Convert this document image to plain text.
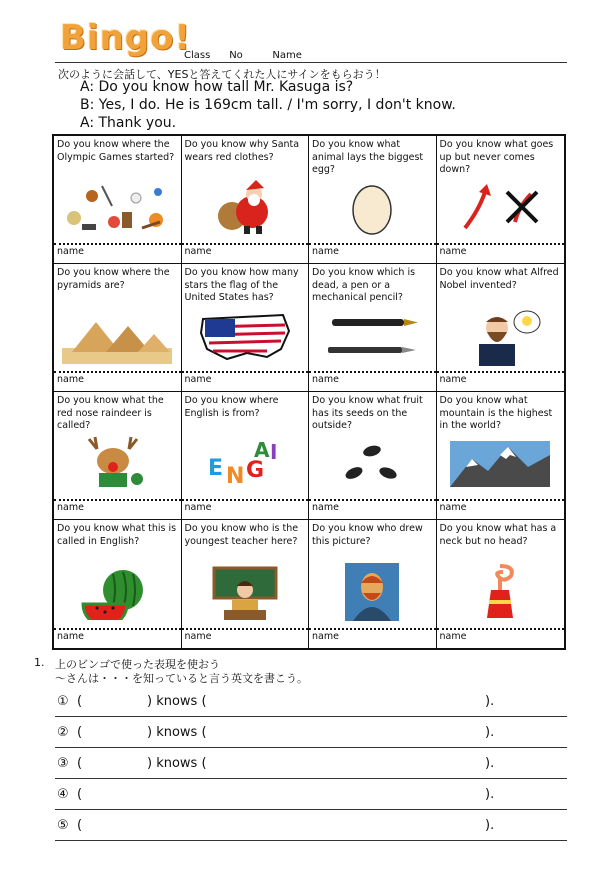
Bingo!
Class No	Name
次のように会話して、YESと答えてくれた人にサインをもらおう！
A: Do you know how tall Mr. Kasuga is?
B: Yes, I do. He is 169cm tall. / I'm sorry, I don't know.
A: Thank you.
Do you know where the Olympic Games started?
name
Do you know why Santa wears red clothes?
name
Do you know what animal lays the biggest egg?
name
Do you know what goes up but never comes down?
name
Do you know where the pyramids are?
name
Do you know how many stars the flag of the United States has?
name
Do you know which is dead, a pen or a mechanical pencil?
name
Do you know what Alfred Nobel invented?
name
Do you know what the red nose raindeer is called?
name
Do you know where English is from?
E N G
A I
name
Do you know what fruit has its seeds on the outside?
name
Do you know what mountain is the highest in the world?
name
Do you know what this is called in English?
name
Do you know who is the youngest teacher here?
name
Do you know who drew this picture?
name
Do you know what has a neck but no head?
name
1. 上のビンゴで使った表現を使おう
～さんは・・・を知っていると言う英文を書こう。
① (	) knows (	).
② (	) knows (	).
③ (	) knows (	).
④ (	).
⑤ (	).
